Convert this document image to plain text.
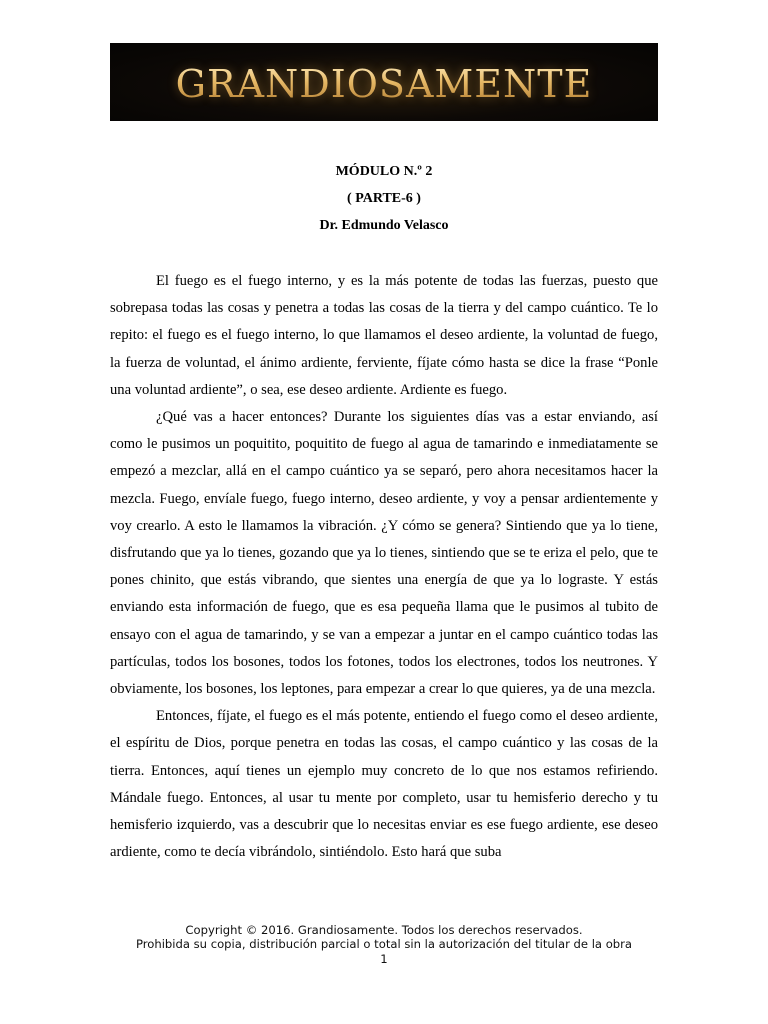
GRANDIOSAMENTE
MÓDULO N.º 2
( PARTE-6 )
Dr. Edmundo Velasco

El fuego es el fuego interno, y es la más potente de todas las fuerzas, puesto que sobrepasa todas las cosas y penetra a todas las cosas de la tierra y del campo cuántico. Te lo repito: el fuego es el fuego interno, lo que llamamos el deseo ardiente, la voluntad de fuego, la fuerza de voluntad, el ánimo ardiente, ferviente, fíjate cómo hasta se dice la frase “Ponle una voluntad ardiente”, o sea, ese deseo ardiente. Ardiente es fuego.

¿Qué vas a hacer entonces? Durante los siguientes días vas a estar enviando, así como le pusimos un poquitito, poquitito de fuego al agua de tamarindo e inmediatamente se empezó a mezclar, allá en el campo cuántico ya se separó, pero ahora necesitamos hacer la mezcla. Fuego, envíale fuego, fuego interno, deseo ardiente, y voy a pensar ardientemente y voy crearlo. A esto le llamamos la vibración. ¿Y cómo se genera? Sintiendo que ya lo tiene, disfrutando que ya lo tienes, gozando que ya lo tienes, sintiendo que se te eriza el pelo, que te pones chinito, que estás vibrando, que sientes una energía de que ya lo lograste. Y estás enviando esta información de fuego, que es esa pequeña llama que le pusimos al tubito de ensayo con el agua de tamarindo, y se van a empezar a juntar en el campo cuántico todas las partículas, todos los bosones, todos los fotones, todos los electrones, todos los neutrones. Y obviamente, los bosones, los leptones, para empezar a crear lo que quieres, ya de una mezcla.

Entonces, fíjate, el fuego es el más potente, entiendo el fuego como el deseo ardiente, el espíritu de Dios, porque penetra en todas las cosas, el campo cuántico y las cosas de la tierra. Entonces, aquí tienes un ejemplo muy concreto de lo que nos estamos refiriendo. Mándale fuego. Entonces, al usar tu mente por completo, usar tu hemisferio derecho y tu hemisferio izquierdo, vas a descubrir que lo necesitas enviar es ese fuego ardiente, ese deseo ardiente, como te decía vibrándolo, sintiéndolo. Esto hará que suba

Copyright © 2016. Grandiosamente. Todos los derechos reservados.
Prohibida su copia, distribución parcial o total sin la autorización del titular de la obra
1
